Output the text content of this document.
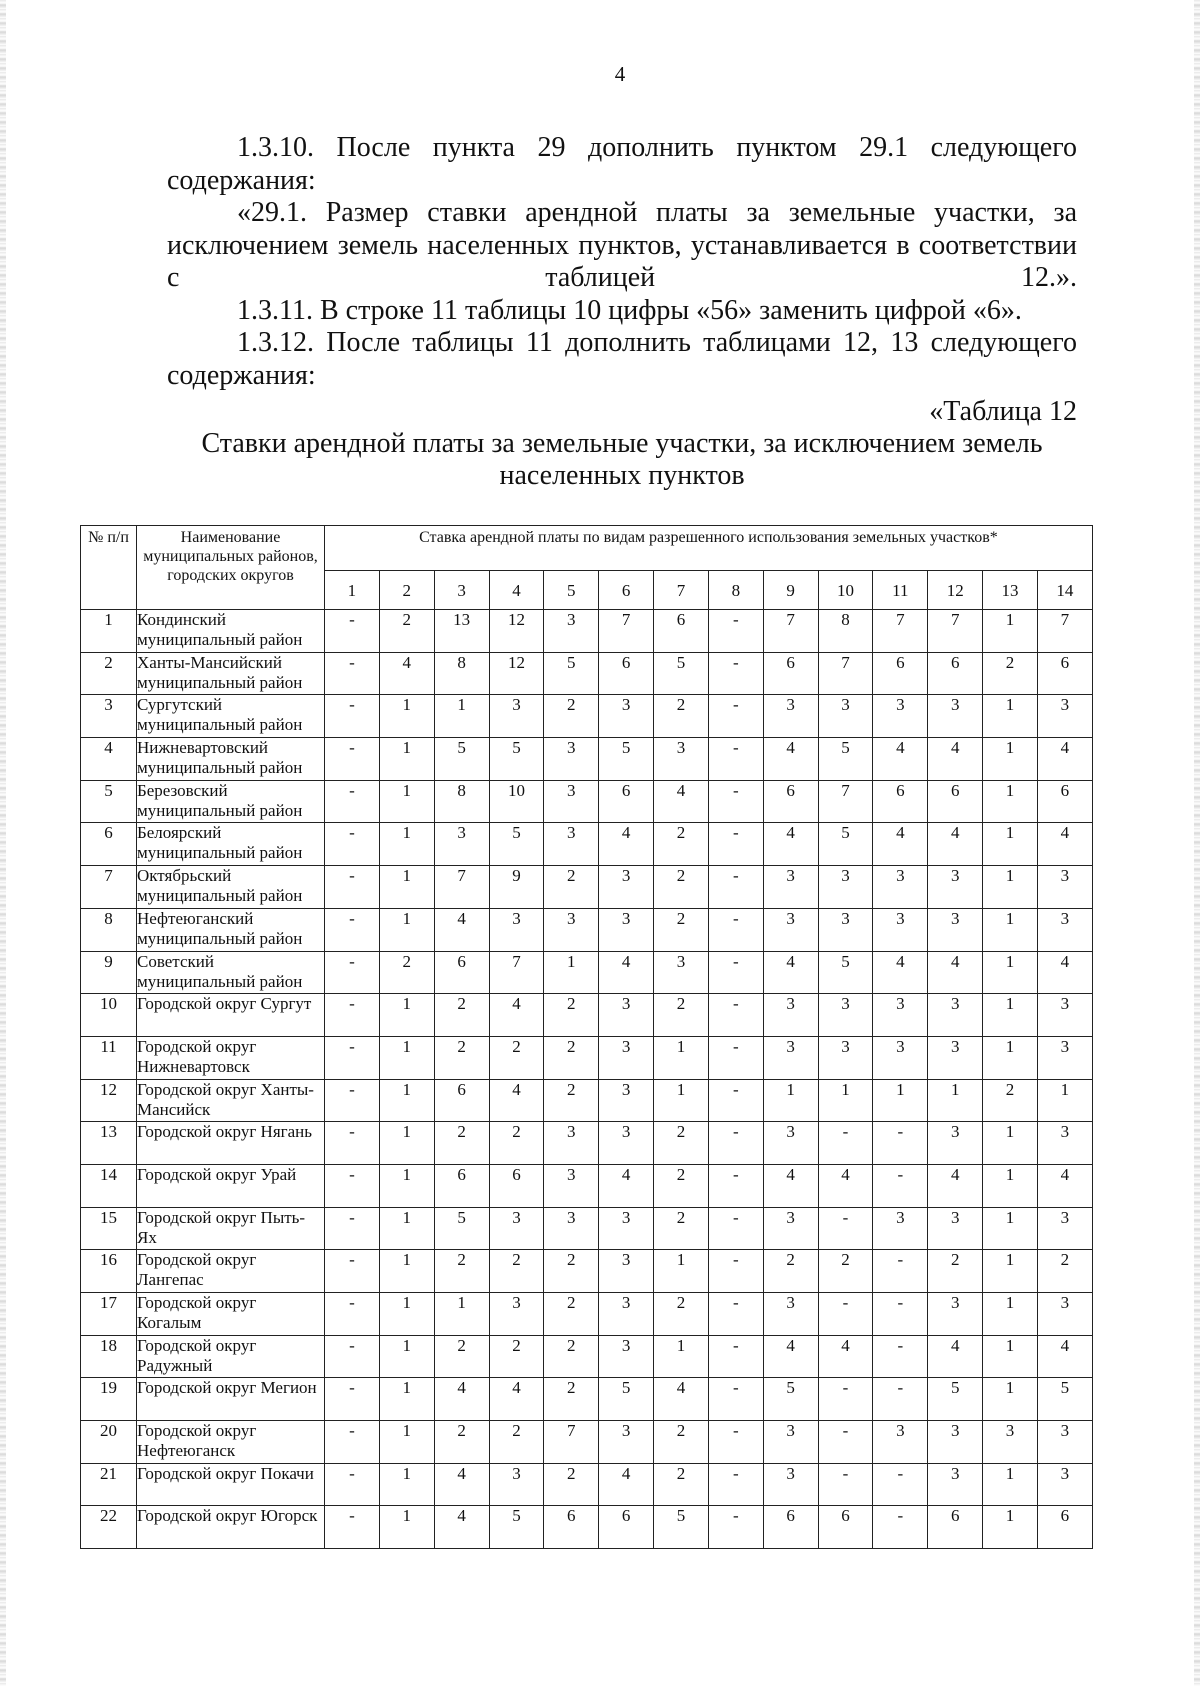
4

1.3.10. После пункта 29 дополнить пунктом 29.1 следующего содержания:

«29.1. Размер ставки арендной платы за земельные участки, за исключением земель населенных пунктов, устанавливается в соответствии с таблицей 12.».

1.3.11. В строке 11 таблицы 10 цифры «56» заменить цифрой «6».

1.3.12. После таблицы 11 дополнить таблицами 12, 13 следующего содержания:

«Таблица 12
Ставки арендной платы за земельные участки, за исключением земель населенных пунктов
№ п/п	Наименование муниципальных районов, городских округов	Ставка арендной платы по видам разрешенного использования земельных участков*													
		1	2	3	4	5	6	7	8	9	10	11	12	13	14
1	Кондинский муниципальный район	-	2	13	12	3	7	6	-	7	8	7	7	1	7
2	Ханты-Мансийский муниципальный район	-	4	8	12	5	6	5	-	6	7	6	6	2	6
3	Сургутский муниципальный район	-	1	1	3	2	3	2	-	3	3	3	3	1	3
4	Нижневартовский муниципальный район	-	1	5	5	3	5	3	-	4	5	4	4	1	4
5	Березовский муниципальный район	-	1	8	10	3	6	4	-	6	7	6	6	1	6
6	Белоярский муниципальный район	-	1	3	5	3	4	2	-	4	5	4	4	1	4
7	Октябрьский муниципальный район	-	1	7	9	2	3	2	-	3	3	3	3	1	3
8	Нефтеюганский муниципальный район	-	1	4	3	3	3	2	-	3	3	3	3	1	3
9	Советский муниципальный район	-	2	6	7	1	4	3	-	4	5	4	4	1	4
10	Городской округ Сургут	-	1	2	4	2	3	2	-	3	3	3	3	1	3
11	Городской округ Нижневартовск	-	1	2	2	2	3	1	-	3	3	3	3	1	3
12	Городской округ Ханты-Мансийск	-	1	6	4	2	3	1	-	1	1	1	1	2	1
13	Городской округ Нягань	-	1	2	2	3	3	2	-	3	-	-	3	1	3
14	Городской округ Урай	-	1	6	6	3	4	2	-	4	4	-	4	1	4
15	Городской округ Пыть-Ях	-	1	5	3	3	3	2	-	3	-	3	3	1	3
16	Городской округ Лангепас	-	1	2	2	2	3	1	-	2	2	-	2	1	2
17	Городской округ Когалым	-	1	1	3	2	3	2	-	3	-	-	3	1	3
18	Городской округ Радужный	-	1	2	2	2	3	1	-	4	4	-	4	1	4
19	Городской округ Мегион	-	1	4	4	2	5	4	-	5	-	-	5	1	5
20	Городской округ Нефтеюганск	-	1	2	2	7	3	2	-	3	-	3	3	3	3
21	Городской округ Покачи	-	1	4	3	2	4	2	-	3	-	-	3	1	3
22	Городской округ Югорск	-	1	4	5	6	6	5	-	6	6	-	6	1	6
